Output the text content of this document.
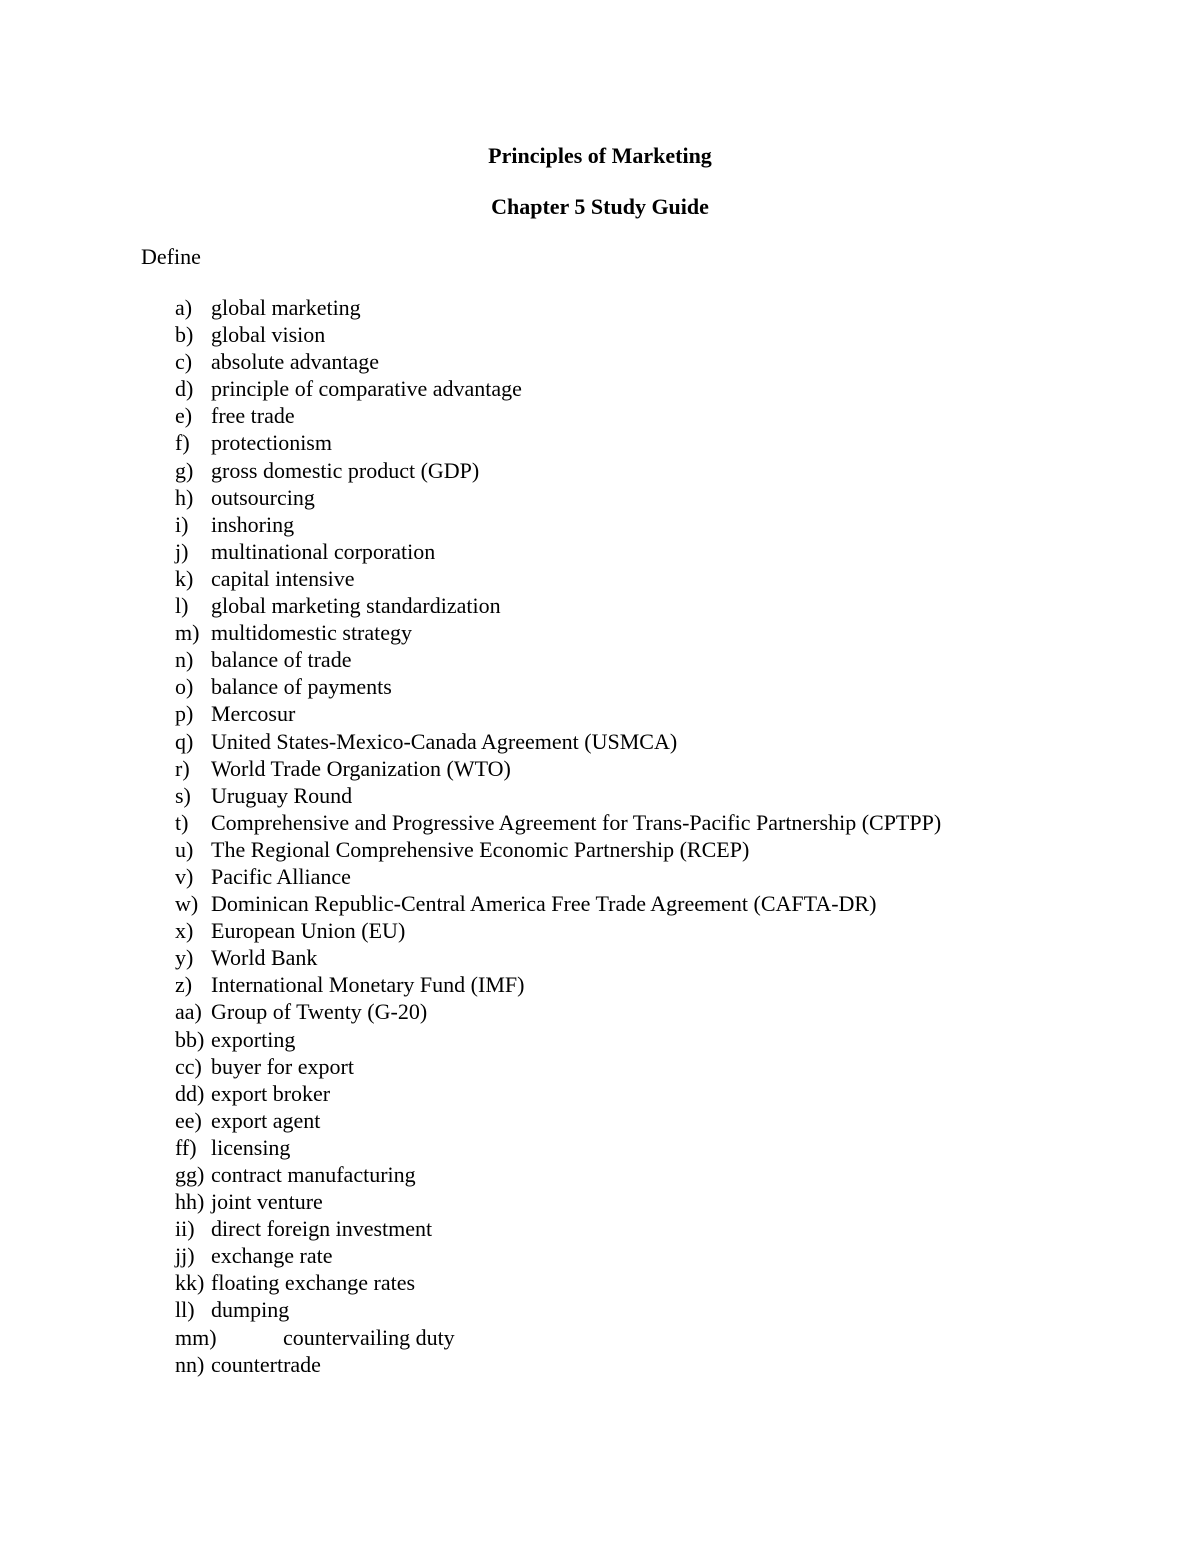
Principles of Marketing
Chapter 5 Study Guide

Define

a) global marketing
b) global vision
c) absolute advantage
d) principle of comparative advantage
e) free trade
f) protectionism
g) gross domestic product (GDP)
h) outsourcing
i) inshoring
j) multinational corporation
k) capital intensive
l) global marketing standardization
m) multidomestic strategy
n) balance of trade
o) balance of payments
p) Mercosur
q) United States-Mexico-Canada Agreement (USMCA)
r) World Trade Organization (WTO)
s) Uruguay Round
t) Comprehensive and Progressive Agreement for Trans-Pacific Partnership (CPTPP)
u) The Regional Comprehensive Economic Partnership (RCEP)
v) Pacific Alliance
w) Dominican Republic-Central America Free Trade Agreement (CAFTA-DR)
x) European Union (EU)
y) World Bank
z) International Monetary Fund (IMF)
aa) Group of Twenty (G-20)
bb) exporting
cc) buyer for export
dd) export broker
ee) export agent
ff) licensing
gg) contract manufacturing
hh) joint venture
ii) direct foreign investment
jj) exchange rate
kk) floating exchange rates
ll) dumping
mm)	countervailing duty
nn) countertrade
